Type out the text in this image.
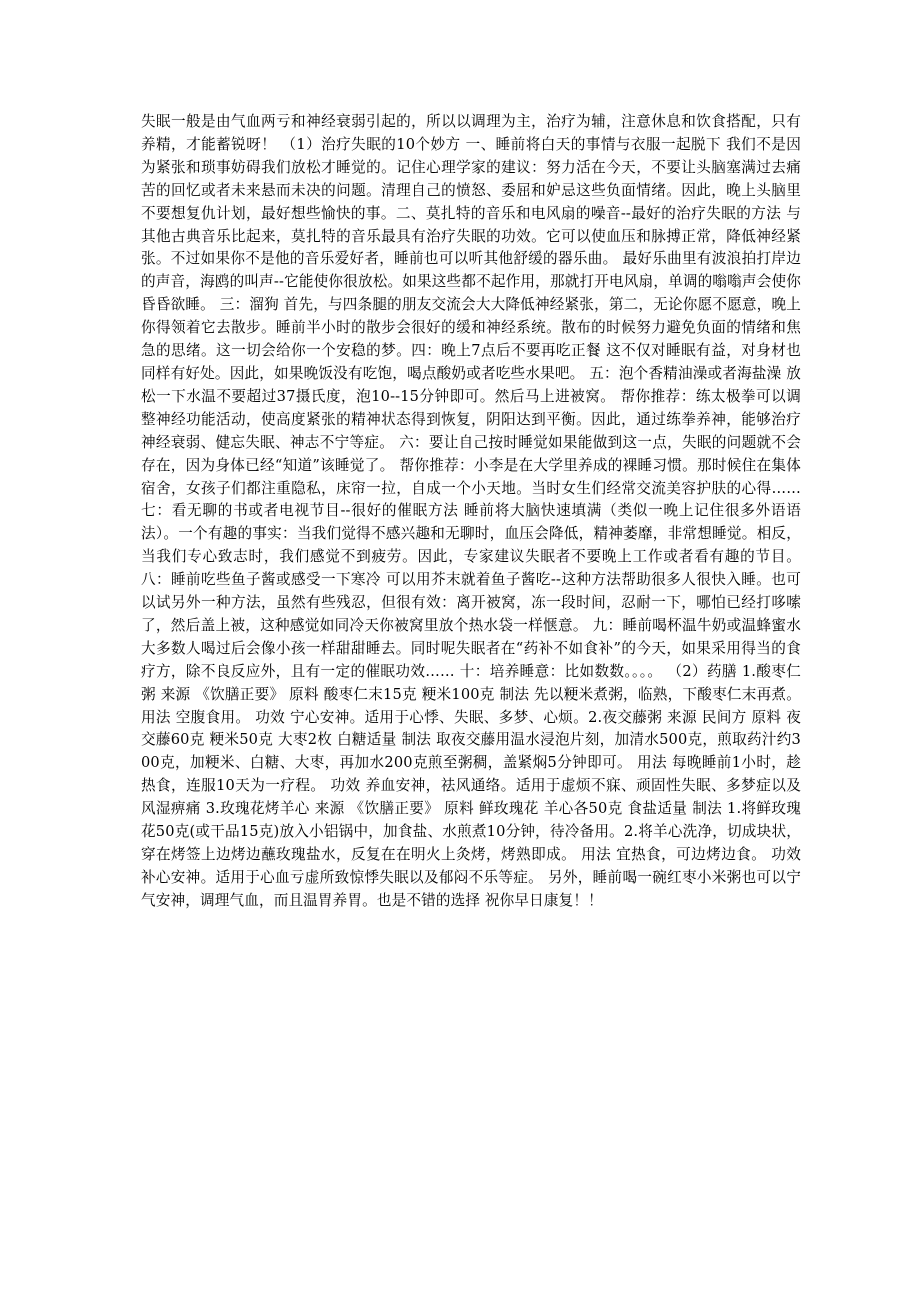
失眠一般是由气血两亏和神经衰弱引起的，所以以调理为主，治疗为辅，注意休息和饮食搭配，只有养精，才能蓄锐呀！ （1）治疗失眠的10个妙方 一、睡前将白天的事情与衣服一起脱下 我们不是因为紧张和琐事妨碍我们放松才睡觉的。记住心理学家的建议：努力活在今天，不要让头脑塞满过去痛苦的回忆或者未来悬而未决的问题。清理自己的愤怒、委屈和妒忌这些负面情绪。因此，晚上头脑里不要想复仇计划，最好想些愉快的事。二、莫扎特的音乐和电风扇的噪音--最好的治疗失眠的方法 与其他古典音乐比起来，莫扎特的音乐最具有治疗失眠的功效。它可以使血压和脉搏正常，降低神经紧张。不过如果你不是他的音乐爱好者，睡前也可以听其他舒缓的器乐曲。 最好乐曲里有波浪拍打岸边的声音，海鸥的叫声--它能使你很放松。如果这些都不起作用，那就打开电风扇，单调的嗡嗡声会使你昏昏欲睡。 三：溜狗 首先，与四条腿的朋友交流会大大降低神经紧张，第二，无论你愿不愿意，晚上你得领着它去散步。睡前半小时的散步会很好的缓和神经系统。散布的时候努力避免负面的情绪和焦急的思绪。这一切会给你一个安稳的梦。四：晚上7点后不要再吃正餐 这不仅对睡眠有益，对身材也同样有好处。因此，如果晚饭没有吃饱，喝点酸奶或者吃些水果吧。 五：泡个香精油澡或者海盐澡 放松一下水温不要超过37摄氏度，泡10--15分钟即可。然后马上进被窝。 帮你推荐：练太极拳可以调整神经功能活动，使高度紧张的精神状态得到恢复，阴阳达到平衡。因此，通过练拳养神，能够治疗神经衰弱、健忘失眠、神志不宁等症。 六：要让自己按时睡觉如果能做到这一点，失眠的问题就不会存在，因为身体已经“知道”该睡觉了。 帮你推荐：小李是在大学里养成的裸睡习惯。那时候住在集体宿舍，女孩子们都注重隐私，床帘一拉，自成一个小天地。当时女生们经常交流美容护肤的心得…… 七：看无聊的书或者电视节目--很好的催眠方法 睡前将大脑快速填满（类似一晚上记住很多外语语法）。一个有趣的事实：当我们觉得不感兴趣和无聊时，血压会降低，精神萎靡，非常想睡觉。相反，当我们专心致志时，我们感觉不到疲劳。因此，专家建议失眠者不要晚上工作或者看有趣的节目。 八：睡前吃些鱼子酱或感受一下寒冷 可以用芥末就着鱼子酱吃--这种方法帮助很多人很快入睡。也可以试另外一种方法，虽然有些残忍，但很有效：离开被窝，冻一段时间，忍耐一下，哪怕已经打哆嗦了，然后盖上被，这种感觉如同冷天你被窝里放个热水袋一样惬意。 九：睡前喝杯温牛奶或温蜂蜜水 大多数人喝过后会像小孩一样甜甜睡去。同时呢失眠者在“药补不如食补”的今天，如果采用得当的食疗方，除不良反应外，且有一定的催眠功效…… 十：培养睡意：比如数数。。。。 （2）药膳 1.酸枣仁粥 来源 《饮膳正要》 原料 酸枣仁末15克 粳米100克 制法 先以粳米煮粥，临熟，下酸枣仁末再煮。 用法 空腹食用。 功效 宁心安神。适用于心悸、失眠、多梦、心烦。2.夜交藤粥 来源 民间方 原料 夜交藤60克 粳米50克 大枣2枚 白糖适量 制法 取夜交藤用温水浸泡片刻，加清水500克，煎取药汁约300克，加粳米、白糖、大枣，再加水200克煎至粥稠，盖紧焖5分钟即可。 用法 每晚睡前1小时，趁热食，连服10天为一疗程。 功效 养血安神，祛风通络。适用于虚烦不寐、顽固性失眠、多梦症以及风湿痹痛 3.玫瑰花烤羊心 来源 《饮膳正要》 原料 鲜玫瑰花 羊心各50克 食盐适量 制法 1.将鲜玫瑰花50克(或干品15克)放入小铝锅中，加食盐、水煎煮10分钟，待冷备用。2.将羊心洗净，切成块状，穿在烤签上边烤边蘸玫瑰盐水，反复在在明火上灸烤，烤熟即成。 用法 宜热食，可边烤边食。 功效 补心安神。适用于心血亏虚所致惊悸失眠以及郁闷不乐等症。 另外，睡前喝一碗红枣小米粥也可以宁气安神，调理气血，而且温胃养胃。也是不错的选择 祝你早日康复！！
